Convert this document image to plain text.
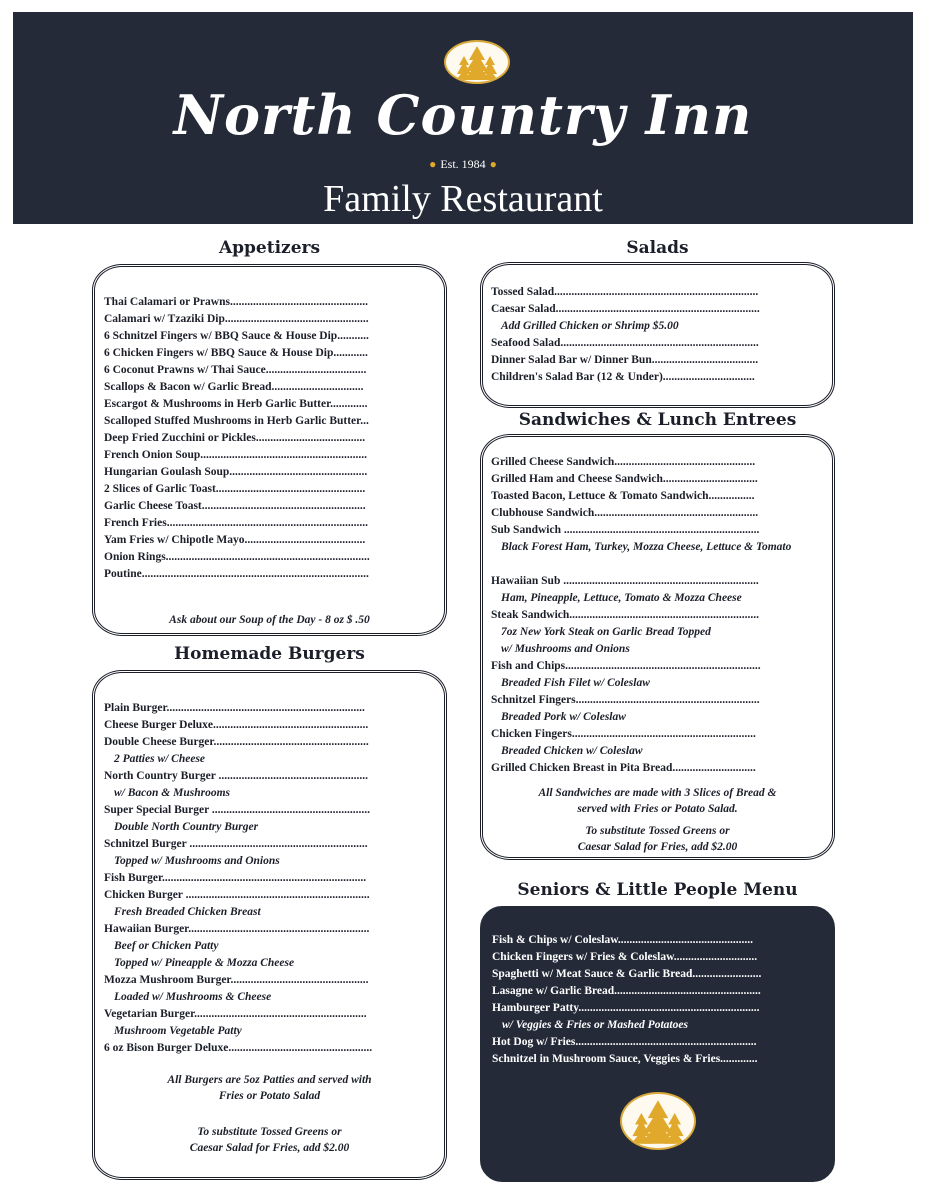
North Country Inn
● Est. 1984 ●
Family Restaurant
Appetizers
Thai Calamari or Prawns................................................
Calamari w/ Tzaziki Dip..................................................
6 Schnitzel Fingers w/ BBQ Sauce & House Dip...........
6 Chicken Fingers w/ BBQ Sauce & House Dip............
6 Coconut Prawns w/ Thai Sauce...................................
Scallops & Bacon w/ Garlic Bread................................
Escargot & Mushrooms in Herb Garlic Butter.............
Scalloped Stuffed Mushrooms in Herb Garlic Butter...
Deep Fried Zucchini or Pickles......................................
French Onion Soup..........................................................
Hungarian Goulash Soup................................................
2 Slices of Garlic Toast....................................................
Garlic Cheese Toast.........................................................
French Fries......................................................................
Yam Fries w/ Chipotle Mayo..........................................
Onion Rings.......................................................................
Poutine...............................................................................
Ask about our Soup of the Day - 8 oz $ .50
Homemade Burgers
Plain Burger.....................................................................
Cheese Burger Deluxe......................................................
Double Cheese Burger......................................................
2 Patties w/ Cheese
North Country Burger ....................................................
w/ Bacon & Mushrooms
Super Special Burger .......................................................
Double North Country Burger
Schnitzel Burger ..............................................................
Topped w/ Mushrooms and Onions
Fish Burger.......................................................................
Chicken Burger ................................................................
Fresh Breaded Chicken Breast
Hawaiian Burger...............................................................
Beef or Chicken Patty
Topped w/ Pineapple & Mozza Cheese
Mozza Mushroom Burger................................................
Loaded w/ Mushrooms & Cheese
Vegetarian Burger............................................................
Mushroom Vegetable Patty
6 oz Bison Burger Deluxe..................................................
All Burgers are 5oz Patties and served with
Fries or Potato Salad
To substitute Tossed Greens or
Caesar Salad for Fries, add $2.00
Salads
Tossed Salad.......................................................................
Caesar Salad.......................................................................
Add Grilled Chicken or Shrimp $5.00
Seafood Salad.....................................................................
Dinner Salad Bar w/ Dinner Bun.....................................
Children's Salad Bar (12 & Under)................................
Sandwiches & Lunch Entrees
Grilled Cheese Sandwich.................................................
Grilled Ham and Cheese Sandwich.................................
Toasted Bacon, Lettuce & Tomato Sandwich................
Clubhouse Sandwich.........................................................
Sub Sandwich ....................................................................
Black Forest Ham, Turkey, Mozza Cheese, Lettuce & Tomato
Hawaiian Sub ....................................................................
Ham, Pineapple, Lettuce, Tomato & Mozza Cheese
Steak Sandwich..................................................................
7oz New York Steak on Garlic Bread Topped
w/ Mushrooms and Onions
Fish and Chips....................................................................
Breaded Fish Filet w/ Coleslaw
Schnitzel Fingers................................................................
Breaded Pork w/ Coleslaw
Chicken Fingers................................................................
Breaded Chicken w/ Coleslaw
Grilled Chicken Breast in Pita Bread.............................
All Sandwiches are made with 3 Slices of Bread &
served with Fries or Potato Salad.
To substitute Tossed Greens or
Caesar Salad for Fries, add $2.00
Seniors & Little People Menu
Fish & Chips w/ Coleslaw...............................................
Chicken Fingers w/ Fries & Coleslaw.............................
Spaghetti w/ Meat Sauce & Garlic Bread........................
Lasagne w/ Garlic Bread...................................................
Hamburger Patty...............................................................
w/ Veggies & Fries or Mashed Potatoes
Hot Dog w/ Fries...............................................................
Schnitzel in Mushroom Sauce, Veggies & Fries.............
